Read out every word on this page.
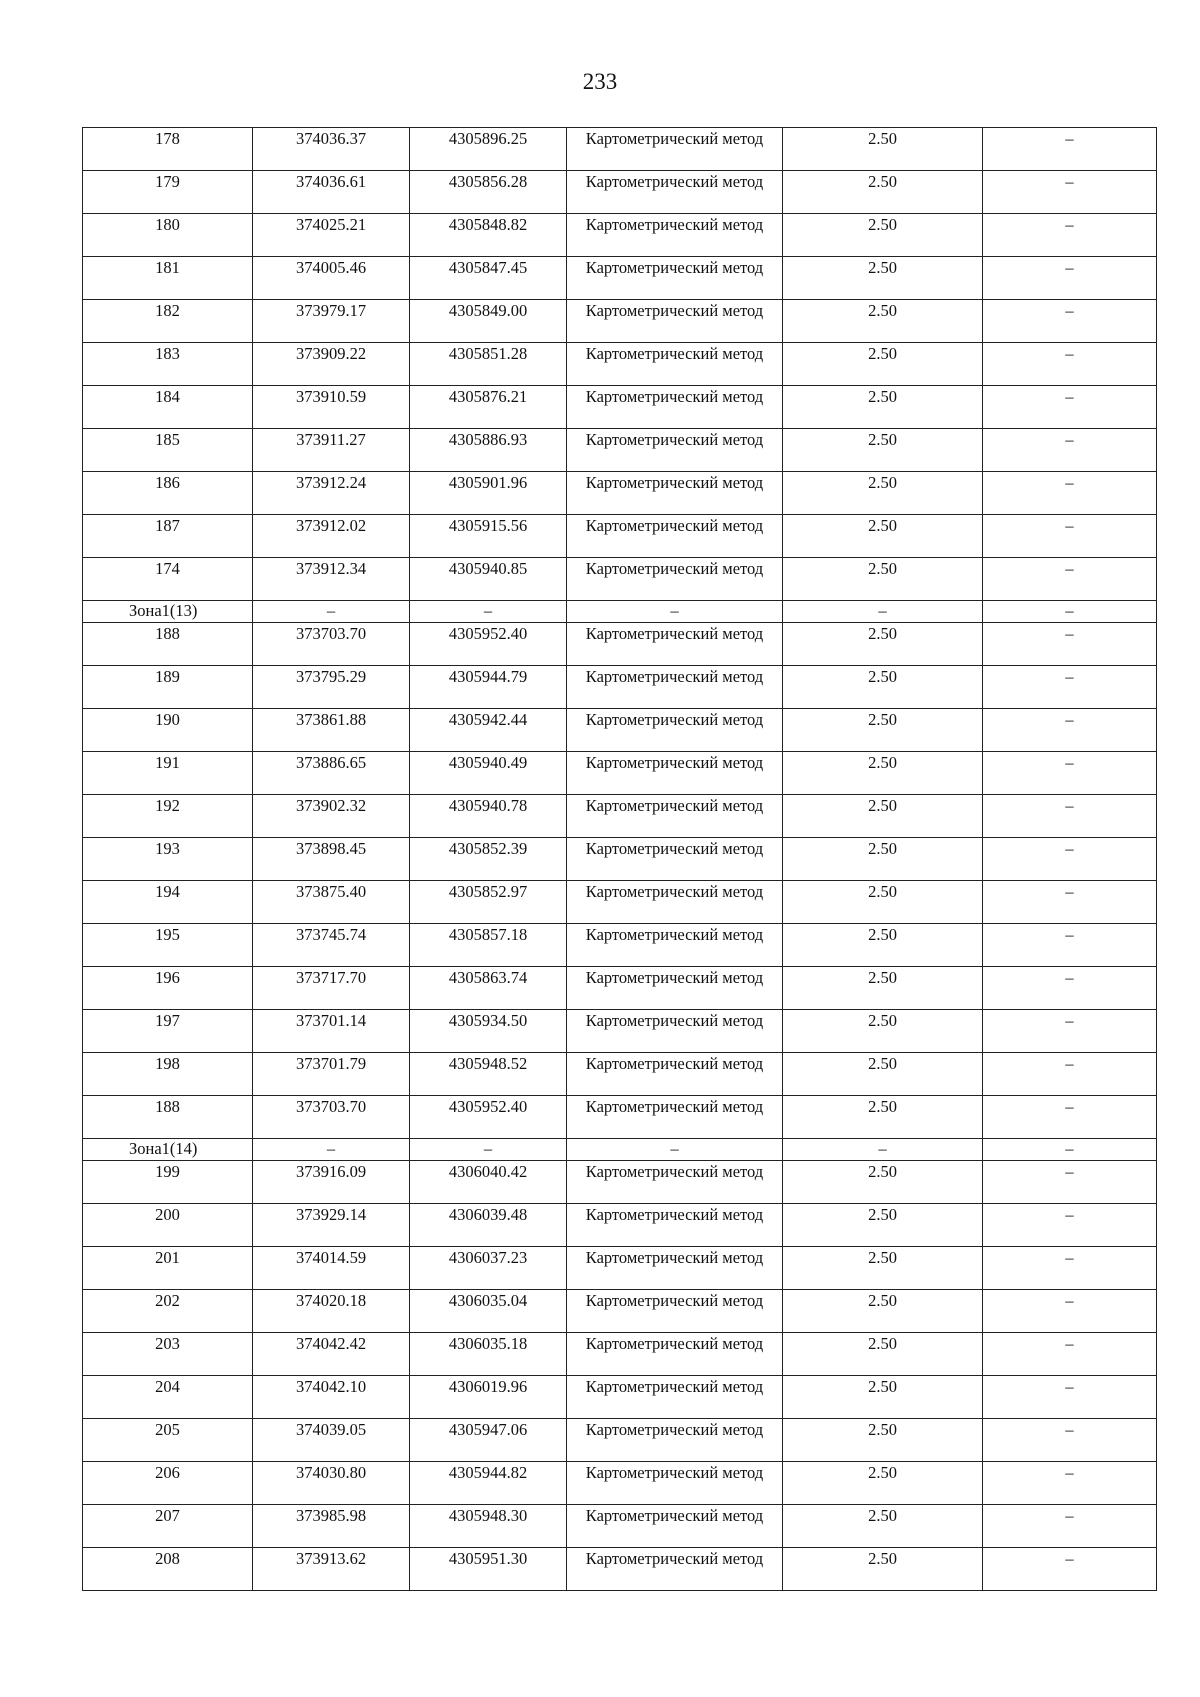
233
178	374036.37	4305896.25	Картометрический метод	2.50	–
179	374036.61	4305856.28	Картометрический метод	2.50	–
180	374025.21	4305848.82	Картометрический метод	2.50	–
181	374005.46	4305847.45	Картометрический метод	2.50	–
182	373979.17	4305849.00	Картометрический метод	2.50	–
183	373909.22	4305851.28	Картометрический метод	2.50	–
184	373910.59	4305876.21	Картометрический метод	2.50	–
185	373911.27	4305886.93	Картометрический метод	2.50	–
186	373912.24	4305901.96	Картометрический метод	2.50	–
187	373912.02	4305915.56	Картометрический метод	2.50	–
174	373912.34	4305940.85	Картометрический метод	2.50	–
Зона1(13)	–	–	–	–	–
188	373703.70	4305952.40	Картометрический метод	2.50	–
189	373795.29	4305944.79	Картометрический метод	2.50	–
190	373861.88	4305942.44	Картометрический метод	2.50	–
191	373886.65	4305940.49	Картометрический метод	2.50	–
192	373902.32	4305940.78	Картометрический метод	2.50	–
193	373898.45	4305852.39	Картометрический метод	2.50	–
194	373875.40	4305852.97	Картометрический метод	2.50	–
195	373745.74	4305857.18	Картометрический метод	2.50	–
196	373717.70	4305863.74	Картометрический метод	2.50	–
197	373701.14	4305934.50	Картометрический метод	2.50	–
198	373701.79	4305948.52	Картометрический метод	2.50	–
188	373703.70	4305952.40	Картометрический метод	2.50	–
Зона1(14)	–	–	–	–	–
199	373916.09	4306040.42	Картометрический метод	2.50	–
200	373929.14	4306039.48	Картометрический метод	2.50	–
201	374014.59	4306037.23	Картометрический метод	2.50	–
202	374020.18	4306035.04	Картометрический метод	2.50	–
203	374042.42	4306035.18	Картометрический метод	2.50	–
204	374042.10	4306019.96	Картометрический метод	2.50	–
205	374039.05	4305947.06	Картометрический метод	2.50	–
206	374030.80	4305944.82	Картометрический метод	2.50	–
207	373985.98	4305948.30	Картометрический метод	2.50	–
208	373913.62	4305951.30	Картометрический метод	2.50	–
